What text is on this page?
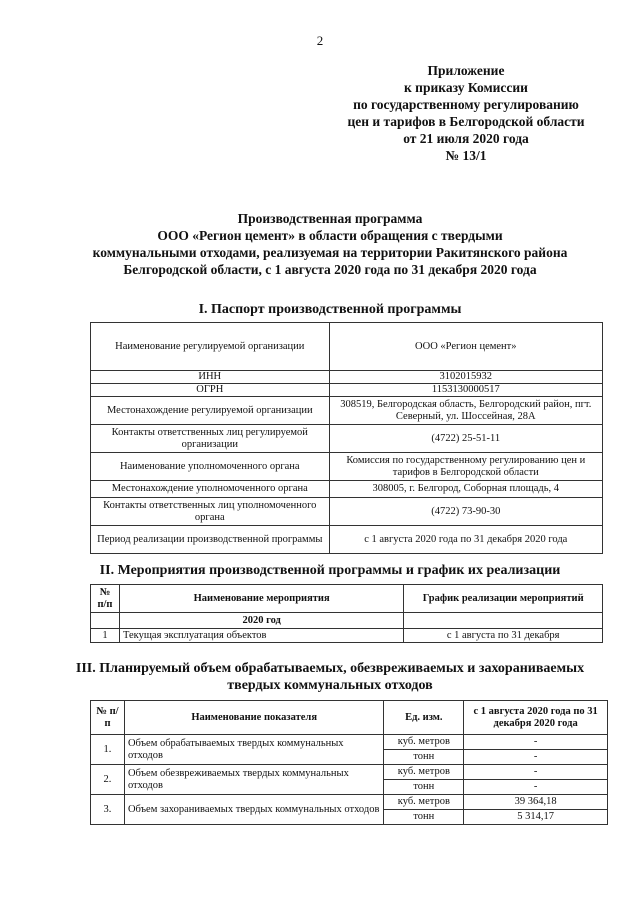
2
Приложение
к приказу Комиссии
по государственному регулированию
цен и тарифов в Белгородской области
от 21 июля 2020 года
№ 13/1
Производственная программа
ООО «Регион цемент» в области обращения с твердыми
коммунальными отходами, реализуемая на территории Ракитянского района
Белгородской области, с 1 августа 2020 года по 31 декабря 2020 года
I. Паспорт производственной программы
Наименование регулируемой организации	ООО «Регион цемент»
ИНН	3102015932
ОГРН	1153130000517
Местонахождение регулируемой организации	308519, Белгородская область, Белгородский район, пгт. Северный, ул. Шоссейная, 28А
Контакты ответственных лиц регулируемой организации	(4722) 25-51-11
Наименование уполномоченного органа	Комиссия по государственному регулированию цен и тарифов в Белгородской области
Местонахождение уполномоченного органа	308005, г. Белгород, Соборная площадь, 4
Контакты ответственных лиц уполномоченного органа	(4722) 73-90-30
Период реализации производственной программы	с 1 августа 2020 года по 31 декабря 2020 года
II. Мероприятия производственной программы и график их реализации
№ п/п	Наименование мероприятия	График реализации мероприятий
	2020 год	
1	Текущая эксплуатация объектов	с 1 августа по 31 декабря
III. Планируемый объем обрабатываемых, обезвреживаемых и захораниваемых
твердых коммунальных отходов
№ п/п	Наименование показателя	Ед. изм.	с 1 августа 2020 года по 31 декабря 2020 года
1.	Объем обрабатываемых твердых коммунальных отходов	куб. метров	-
		тонн	-
2.	Объем обезвреживаемых твердых коммунальных отходов	куб. метров	-
		тонн	-
3.	Объем захораниваемых твердых коммунальных отходов	куб. метров	39 364,18
		тонн	5 314,17
